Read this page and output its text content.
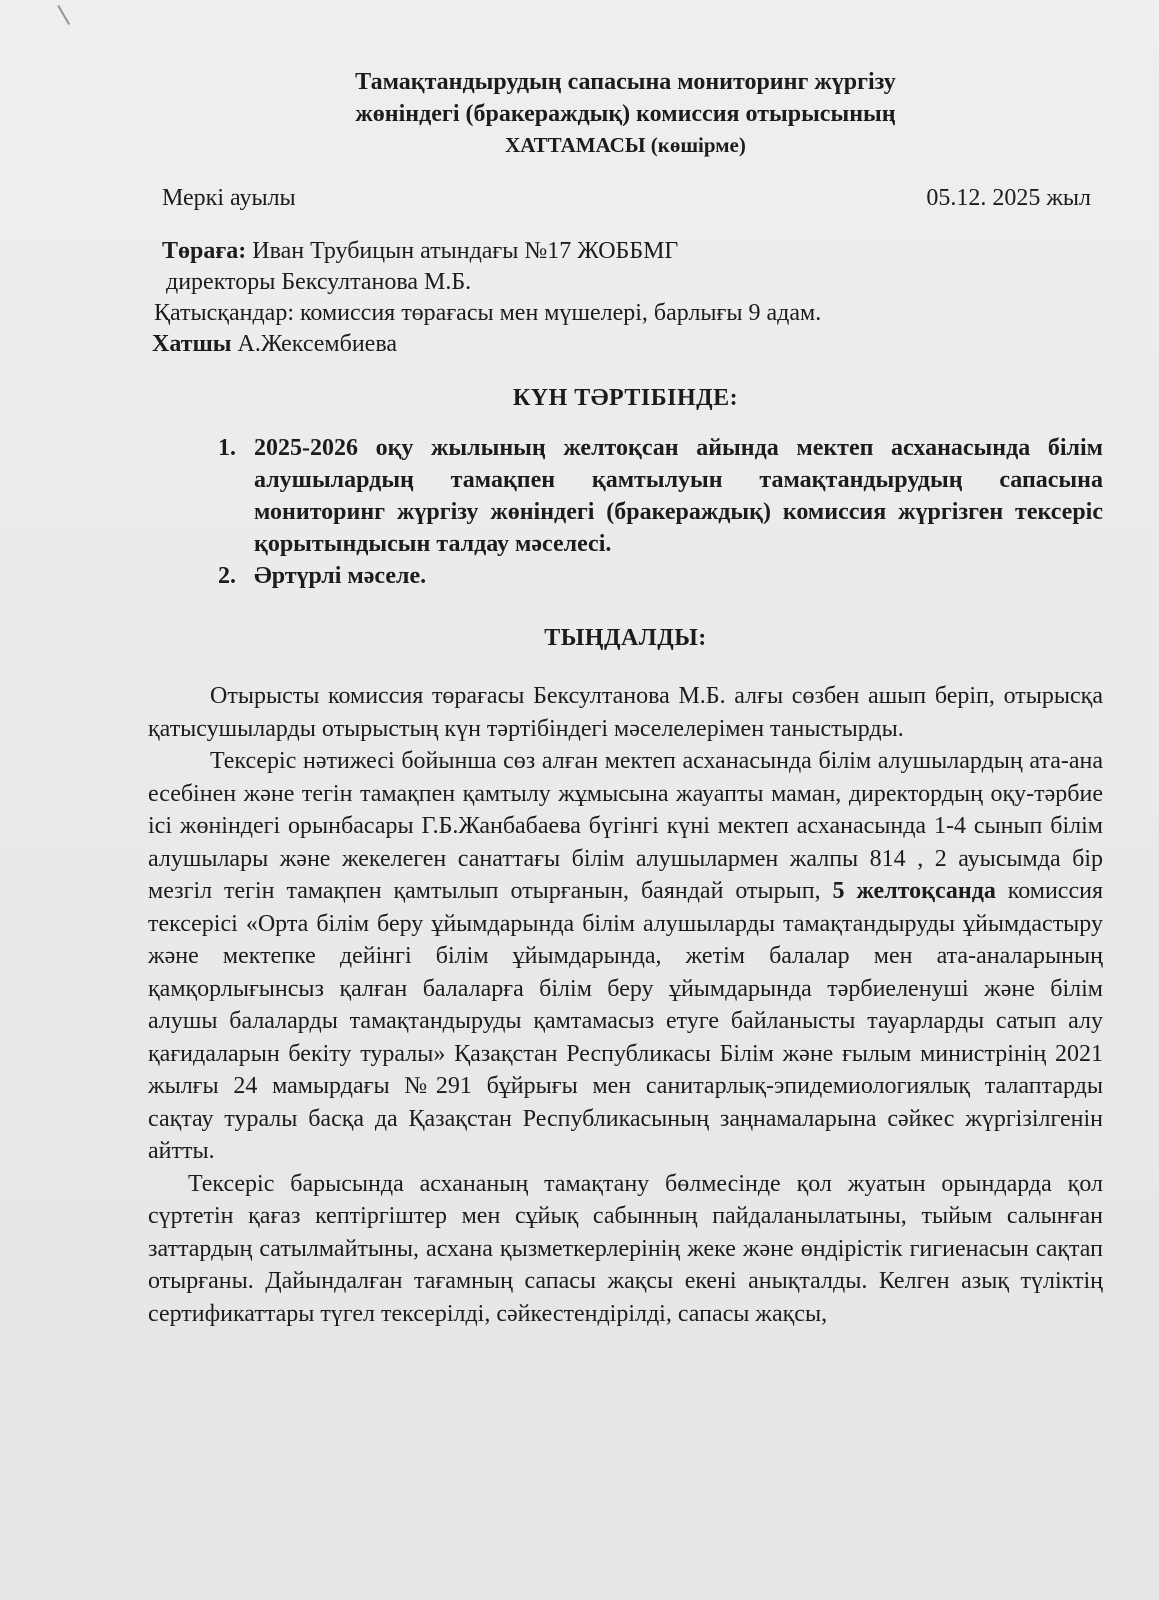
Тамақтандырудың сапасына мониторинг жүргізу

жөніндегі (бракераждық) комиссия отырысының

ХАТТАМАСЫ (көшірме)

Меркі ауылы	05.12. 2025 жыл

Төраға: Иван Трубицын атындағы №17 ЖОББМГ

директоры Бексултанова М.Б.

Қатысқандар: комиссия төрағасы мен мүшелері, барлығы 9 адам.

Хатшы А.Жексембиева

КҮН ТӘРТІБІНДЕ:

1. 2025-2026 оқу жылының желтоқсан айында мектеп асханасында білім алушылардың тамақпен қамтылуын тамақтандырудың сапасына мониторинг жүргізу жөніндегі (бракераждық) комиссия жүргізген тексеріс қорытындысын талдау мәселесі.
2. Әртүрлі мәселе.

ТЫҢДАЛДЫ:

Отырысты комиссия төрағасы Бексултанова М.Б. алғы сөзбен ашып беріп, отырысқа қатысушыларды отырыстың күн тәртібіндегі мәселелерімен таныстырды.

Тексеріс нәтижесі бойынша сөз алған мектеп асханасында білім алушылардың ата-ана есебінен және тегін тамақпен қамтылу жұмысына жауапты маман, директордың оқу-тәрбие ісі жөніндегі орынбасары Г.Б.Жанбабаева бүгінгі күні мектеп асханасында 1-4 сынып білім алушылары және жекелеген санаттағы білім алушылармен жалпы 814 , 2 ауысымда бір мезгіл тегін тамақпен қамтылып отырғанын, баяндай отырып, 5 желтоқсанда комиссия тексерісі «Орта білім беру ұйымдарында білім алушыларды тамақтандыруды ұйымдастыру және мектепке дейінгі білім ұйымдарында, жетім балалар мен ата-аналарының қамқорлығынсыз қалған балаларға білім беру ұйымдарында тәрбиеленуші және білім алушы балаларды тамақтандыруды қамтамасыз етуге байланысты тауарларды сатып алу қағидаларын бекіту туралы» Қазақстан Республикасы Білім және ғылым министрінің 2021 жылғы 24 мамырдағы №291 бұйрығы мен санитарлық-эпидемиологиялық талаптарды сақтау туралы басқа да Қазақстан Республикасының заңнамаларына сәйкес жүргізілгенін айтты.

Тексеріс барысында асхананың тамақтану бөлмесінде қол жуатын орындарда қол сүртетін қағаз кептіргіштер мен сұйық сабынның пайдаланылатыны, тыйым салынған заттардың сатылмайтыны, асхана қызметкерлерінің жеке және өндірістік гигиенасын сақтап отырғаны. Дайындалған тағамның сапасы жақсы екені анықталды. Келген азық түліктің сертификаттары түгел тексерілді, сәйкестендірілді, сапасы жақсы,
